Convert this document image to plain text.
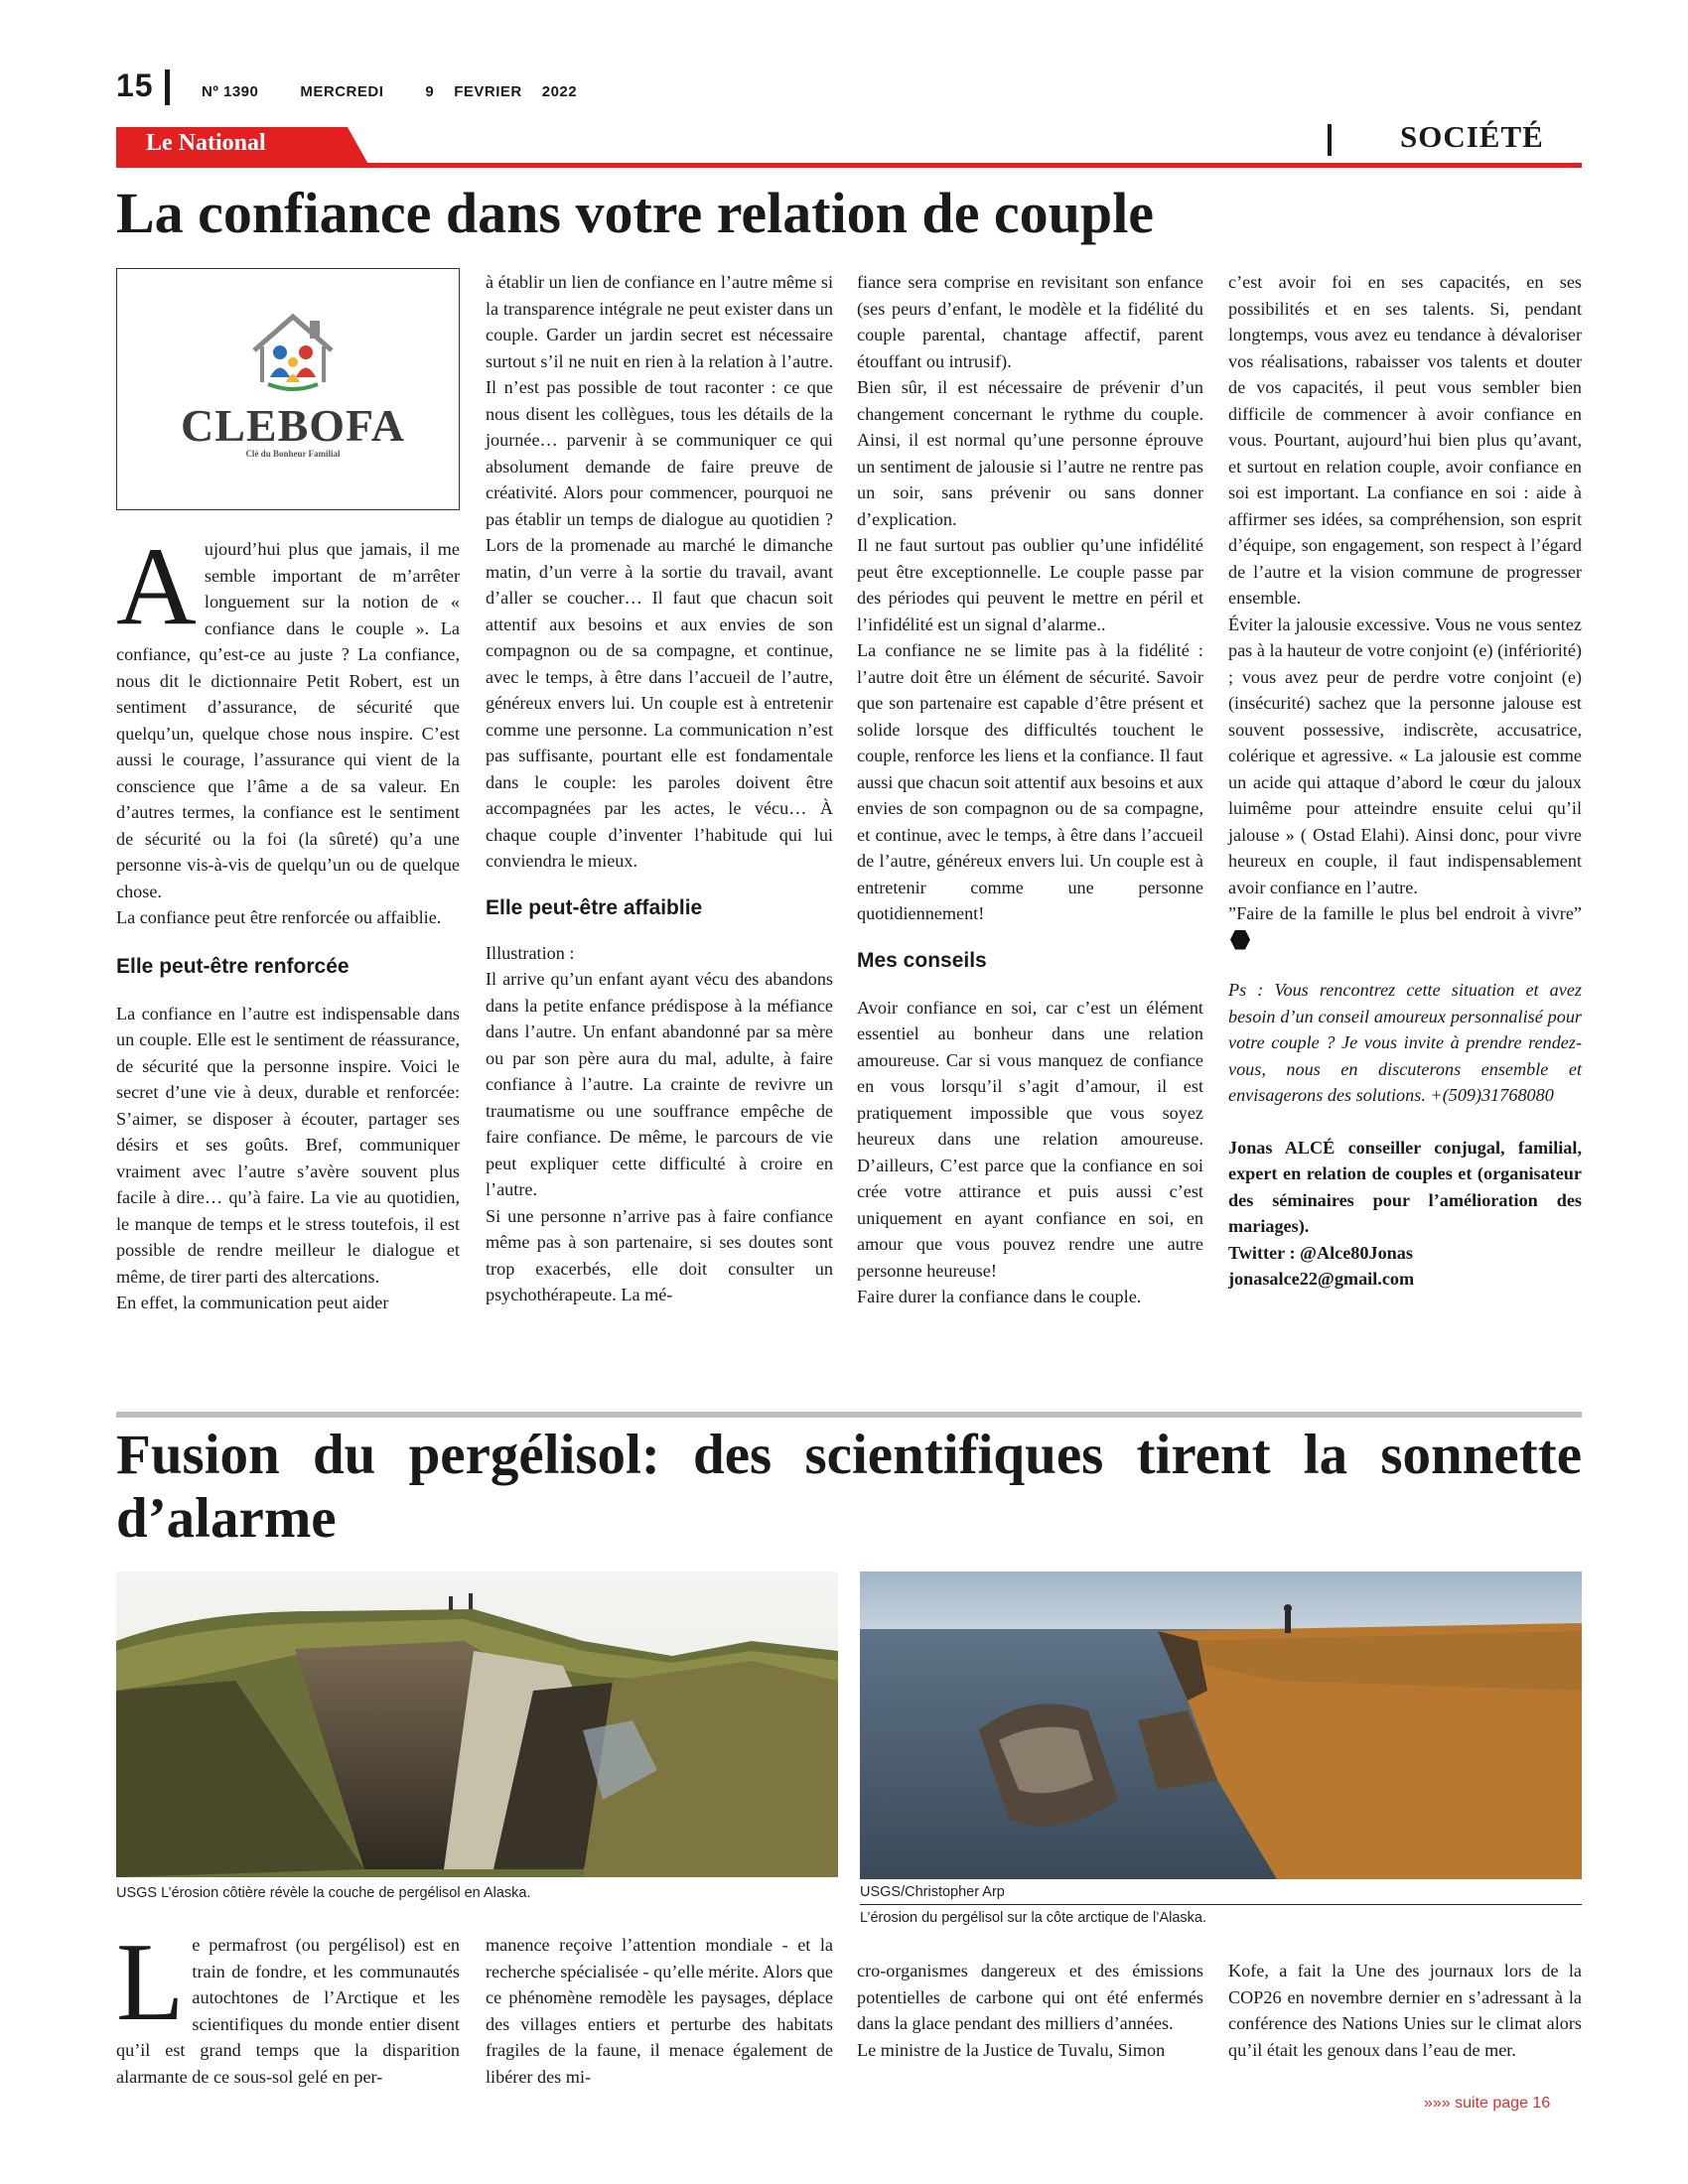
15	Nº 1390	MERCREDI	9 FEVRIER 2022
Le National	SOCIÉTÉ
La confiance dans votre relation de couple
CLEBOFA
Clé du Bonheur Familial

Aujourd’hui plus que jamais, il me semble important de m’arrêter longuement sur la notion de « confiance dans le couple ». La confiance, qu’est-ce au juste ? La confiance, nous dit le dictionnaire Petit Robert, est un sentiment d’assurance, de sécurité que quelqu’un, quelque chose nous inspire. C’est aussi le courage, l’assurance qui vient de la conscience que l’âme a de sa valeur. En d’autres termes, la confiance est le sentiment de sécurité ou la foi (la sûreté) qu’a une personne vis-à-vis de quelqu’un ou de quelque chose.

La confiance peut être renforcée ou affaiblie.

Elle peut-être renforcée

La confiance en l’autre est indispensable dans un couple. Elle est le sentiment de réassurance, de sécurité que la personne inspire. Voici le secret d’une vie à deux, durable et renforcée: S’aimer, se disposer à écouter, partager ses désirs et ses goûts. Bref, communiquer vraiment avec l’autre s’avère souvent plus facile à dire… qu’à faire. La vie au quotidien, le manque de temps et le stress toutefois, il est possible de rendre meilleur le dialogue et même, de tirer parti des altercations.

En effet, la communication peut aider

à établir un lien de confiance en l’autre même si la transparence intégrale ne peut exister dans un couple. Garder un jardin secret est nécessaire surtout s’il ne nuit en rien à la relation à l’autre. Il n’est pas possible de tout raconter : ce que nous disent les collègues, tous les détails de la journée… parvenir à se communiquer ce qui absolument demande de faire preuve de créativité. Alors pour commencer, pourquoi ne pas établir un temps de dialogue au quotidien ? Lors de la promenade au marché le dimanche matin, d’un verre à la sortie du travail, avant d’aller se coucher… Il faut que chacun soit attentif aux besoins et aux envies de son compagnon ou de sa compagne, et continue, avec le temps, à être dans l’accueil de l’autre, généreux envers lui. Un couple est à entretenir comme une personne. La communication n’est pas suffisante, pourtant elle est fondamentale dans le couple: les paroles doivent être accompagnées par les actes, le vécu… À chaque couple d’inventer l’habitude qui lui conviendra le mieux.

Elle peut-être affaiblie

Illustration :

Il arrive qu’un enfant ayant vécu des abandons dans la petite enfance prédispose à la méfiance dans l’autre. Un enfant abandonné par sa mère ou par son père aura du mal, adulte, à faire confiance à l’autre. La crainte de revivre un traumatisme ou une souffrance empêche de faire confiance. De même, le parcours de vie peut expliquer cette difficulté à croire en l’autre.

Si une personne n’arrive pas à faire confiance même pas à son partenaire, si ses doutes sont trop exacerbés, elle doit consulter un psychothérapeute. La mé-

fiance sera comprise en revisitant son enfance (ses peurs d’enfant, le modèle et la fidélité du couple parental, chantage affectif, parent étouffant ou intrusif).

Bien sûr, il est nécessaire de prévenir d’un changement concernant le rythme du couple. Ainsi, il est normal qu’une personne éprouve un sentiment de jalousie si l’autre ne rentre pas un soir, sans prévenir ou sans donner d’explication.

Il ne faut surtout pas oublier qu’une infidélité peut être exceptionnelle. Le couple passe par des périodes qui peuvent le mettre en péril et l’infidélité est un signal d’alarme..

La confiance ne se limite pas à la fidélité : l’autre doit être un élément de sécurité. Savoir que son partenaire est capable d’être présent et solide lorsque des difficultés touchent le couple, renforce les liens et la confiance. Il faut aussi que chacun soit attentif aux besoins et aux envies de son compagnon ou de sa compagne, et continue, avec le temps, à être dans l’accueil de l’autre, généreux envers lui. Un couple est à entretenir comme une personne quotidiennement!

Mes conseils

Avoir confiance en soi, car c’est un élément essentiel au bonheur dans une relation amoureuse. Car si vous manquez de confiance en vous lorsqu’il s’agit d’amour, il est pratiquement impossible que vous soyez heureux dans une relation amoureuse. D’ailleurs, C’est parce que la confiance en soi crée votre attirance et puis aussi c’est uniquement en ayant confiance en soi, en amour que vous pouvez rendre une autre personne heureuse!

Faire durer la confiance dans le couple.

c’est avoir foi en ses capacités, en ses possibilités et en ses talents. Si, pendant longtemps, vous avez eu tendance à dévaloriser vos réalisations, rabaisser vos talents et douter de vos capacités, il peut vous sembler bien difficile de commencer à avoir confiance en vous. Pourtant, aujourd’hui bien plus qu’avant, et surtout en relation couple, avoir confiance en soi est important. La confiance en soi : aide à affirmer ses idées, sa compréhension, son esprit d’équipe, son engagement, son respect à l’égard de l’autre et la vision commune de progresser ensemble.

Éviter la jalousie excessive. Vous ne vous sentez pas à la hauteur de votre conjoint (e) (infériorité) ; vous avez peur de perdre votre conjoint (e) (insécurité) sachez que la personne jalouse est souvent possessive, indiscrète, accusatrice, colérique et agressive. « La jalousie est comme un acide qui attaque d’abord le cœur du jaloux luimême pour atteindre ensuite celui qu’il jalouse » ( Ostad Elahi). Ainsi donc, pour vivre heureux en couple, il faut indispensablement avoir confiance en l’autre.

”Faire de la famille le plus bel endroit à vivre”

Ps : Vous rencontrez cette situation et avez besoin d’un conseil amoureux personnalisé pour votre couple ? Je vous invite à prendre rendez-vous, nous en discuterons ensemble et envisagerons des solutions. +(509)31768080

Jonas ALCÉ conseiller conjugal, familial, expert en relation de couples et (organisateur des séminaires pour l’amélioration des mariages).

Twitter : @Alce80Jonas

jonasalce22@gmail.com

Fusion du pergélisol: des scientifiques tirent la sonnette d’alarme
USGS L’érosion côtière révèle la couche de pergélisol en Alaska.	USGS/Christopher Arp
L’érosion du pergélisol sur la côte arctique de l’Alaska.

Le permafrost (ou pergélisol) est en train de fondre, et les communautés autochtones de l’Arctique et les scientifiques du monde entier disent qu’il est grand temps que la disparition alarmante de ce sous-sol gelé en per-

manence reçoive l’attention mondiale - et la recherche spécialisée - qu’elle mérite. Alors que ce phénomène remodèle les paysages, déplace des villages entiers et perturbe des habitats fragiles de la faune, il menace également de libérer des mi-

cro-organismes dangereux et des émissions potentielles de carbone qui ont été enfermés dans la glace pendant des milliers d’années.

Le ministre de la Justice de Tuvalu, Simon

Kofe, a fait la Une des journaux lors de la COP26 en novembre dernier en s’adressant à la conférence des Nations Unies sur le climat alors qu’il était les genoux dans l’eau de mer.

»»» suite page 16
